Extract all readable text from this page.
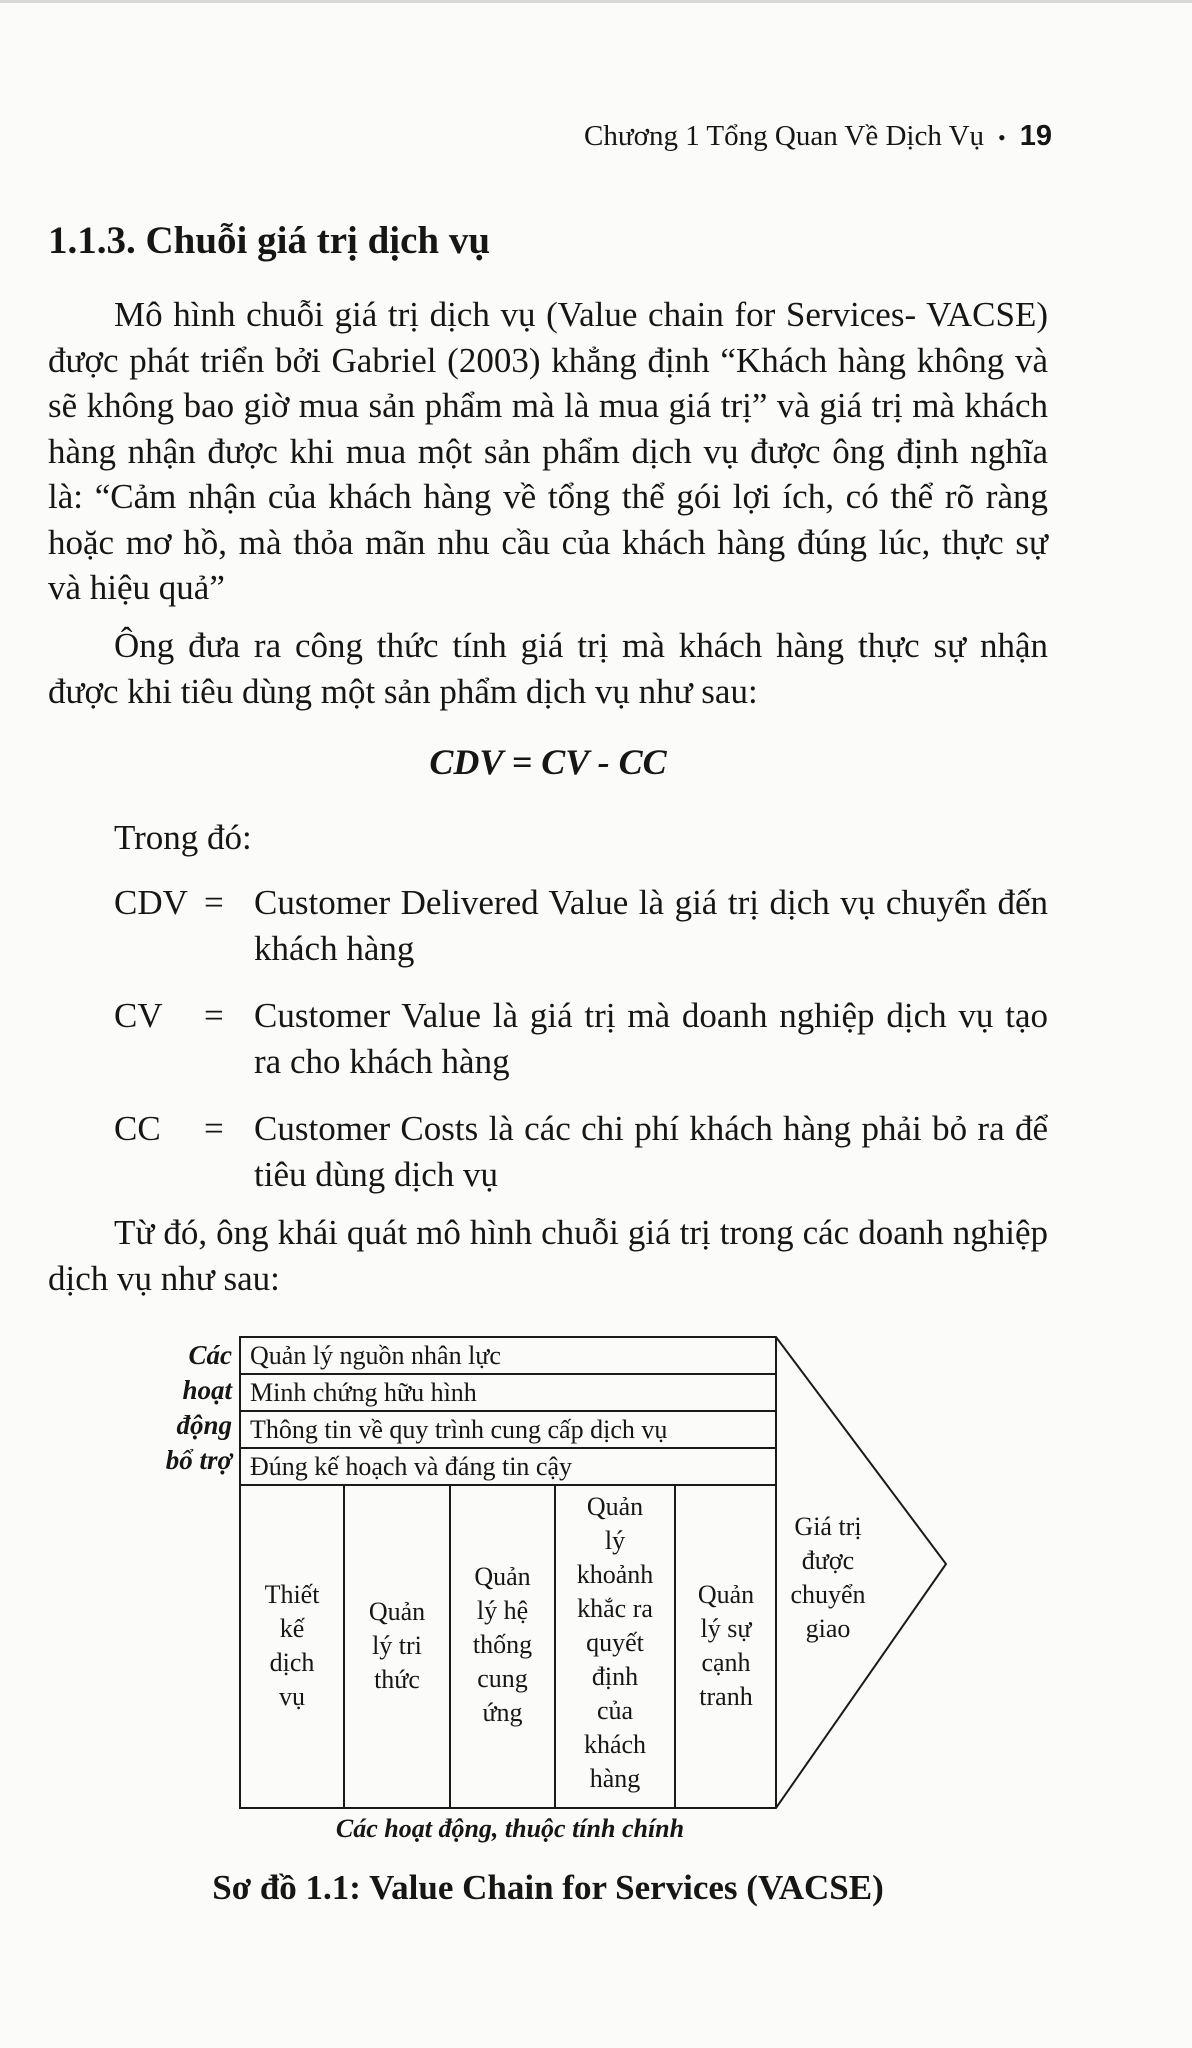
Chương 1 Tổng Quan Về Dịch Vụ • 19
1.1.3. Chuỗi giá trị dịch vụ

Mô hình chuỗi giá trị dịch vụ (Value chain for Services- VACSE) được phát triển bởi Gabriel (2003) khẳng định “Khách hàng không và sẽ không bao giờ mua sản phẩm mà là mua giá trị” và giá trị mà khách hàng nhận được khi mua một sản phẩm dịch vụ được ông định nghĩa là: “Cảm nhận của khách hàng về tổng thể gói lợi ích, có thể rõ ràng hoặc mơ hồ, mà thỏa mãn nhu cầu của khách hàng đúng lúc, thực sự và hiệu quả”

Ông đưa ra công thức tính giá trị mà khách hàng thực sự nhận được khi tiêu dùng một sản phẩm dịch vụ như sau:

CDV = CV - CC

Trong đó:

CDV = Customer Delivered Value là giá trị dịch vụ chuyển đến khách hàng
CV	= Customer Value là giá trị mà doanh nghiệp dịch vụ tạo ra cho khách hàng
CC	= Customer Costs là các chi phí khách hàng phải bỏ ra để tiêu dùng dịch vụ

Từ đó, ông khái quát mô hình chuỗi giá trị trong các doanh nghiệp dịch vụ như sau:

Các
hoạt
động
bổ trợ
Quản lý nguồn nhân lực
Minh chứng hữu hình
Thông tin về quy trình cung cấp dịch vụ
Đúng kế hoạch và đáng tin cậy
Thiết
kế
dịch
vụ
Quản
lý tri
thức
Quản
lý hệ
thống
cung
ứng
Quản
lý
khoảnh
khắc ra
quyết
định
của
khách
hàng
Quản
lý sự
cạnh
tranh
Giá trị
được
chuyển
giao
Các hoạt động, thuộc tính chính
Sơ đồ 1.1: Value Chain for Services (VACSE)
